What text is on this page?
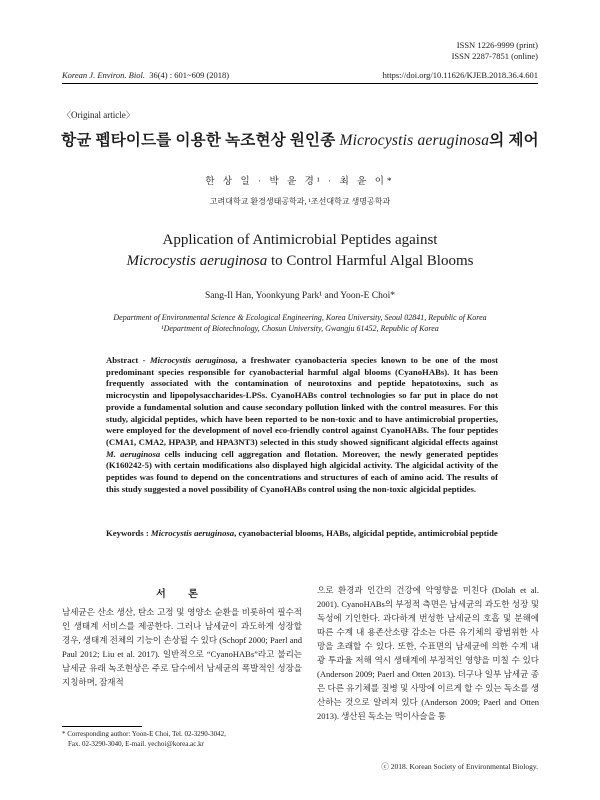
ISSN 1226-9999 (print)
ISSN 2287-7851 (online)
Korean J. Environ. Biol. 36(4) : 601~609 (2018)	https://doi.org/10.11626/KJEB.2018.36.4.601
〈Original article〉
항균 펩타이드를 이용한 녹조현상 원인종 Microcystis aeruginosa의 제어
한 상 일 · 박 윤 경¹ · 최 윤 이*
고려대학교 환경생태공학과, ¹조선대학교 생명공학과
Application of Antimicrobial Peptides against
Microcystis aeruginosa to Control Harmful Algal Blooms
Sang-Il Han, Yoonkyung Park¹ and Yoon-E Choi*
Department of Environmental Science & Ecological Engineering, Korea University, Seoul 02841, Republic of Korea
¹Department of Biotechnology, Chosun University, Gwangju 61452, Republic of Korea
Abstract - Microcystis aeruginosa, a freshwater cyanobacteria species known to be one of the most predominant species responsible for cyanobacterial harmful algal blooms (CyanoHABs). It has been frequently associated with the contamination of neurotoxins and peptide hepatotoxins, such as microcystin and lipopolysaccharides-LPSs. CyanoHABs control technologies so far put in place do not provide a fundamental solution and cause secondary pollution linked with the control measures. For this study, algicidal peptides, which have been reported to be non-toxic and to have antimicrobial properties, were employed for the development of novel eco-friendly control against CyanoHABs. The four peptides (CMA1, CMA2, HPA3P, and HPA3NT3) selected in this study showed significant algicidal effects against M. aeruginosa cells inducing cell aggregation and flotation. Moreover, the newly generated peptides (K160242-5) with certain modifications also displayed high algicidal activity. The algicidal activity of the peptides was found to depend on the concentrations and structures of each of amino acid. The results of this study suggested a novel possibility of CyanoHABs control using the non-toxic algicidal peptides.
Keywords : Microcystis aeruginosa, cyanobacterial blooms, HABs, algicidal peptide, antimicrobial peptide
서 론
남세균은 산소 생산, 탄소 고정 및 영양소 순환을 비롯하여 필수적인 생태계 서비스를 제공한다. 그러나 남세균이 과도하게 성장할 경우, 생태계 전체의 기능이 손상될 수 있다 (Schopf 2000; Paerl and Paul 2012; Liu et al. 2017). 일반적으로 “CyanoHABs”라고 불리는 남세균 유래 녹조현상은 주로 담수에서 남세균의 폭발적인 성장을 지칭하며, 잠재적
으로 환경과 인간의 건강에 악영향을 미친다 (Dolah et al. 2001). CyanoHABs의 부정적 측면은 남세균의 과도한 성장 및 독성에 기인한다. 과다하게 번성한 남세균의 호흡 및 분해에 따른 수계 내 용존산소량 감소는 다른 유기체의 광범위한 사망을 초래할 수 있다. 또한, 수표면의 남세균에 의한 수계 내 광 투과율 저해 역시 생태계에 부정적인 영향을 미칠 수 있다 (Anderson 2009; Paerl and Otten 2013). 더구나 일부 남세균 종은 다른 유기체를 질병 및 사망에 이르게 할 수 있는 독소를 생산하는 것으로 알려져 있다 (Anderson 2009; Paerl and Otten 2013). 생산된 독소는 먹이사슬을 통
* Corresponding author: Yoon-E Choi, Tel. 02-3290-3042,
Fax. 02-3290-3040, E-mail. yechoi@korea.ac.kr
ⓒ 2018. Korean Society of Environmental Biology.
